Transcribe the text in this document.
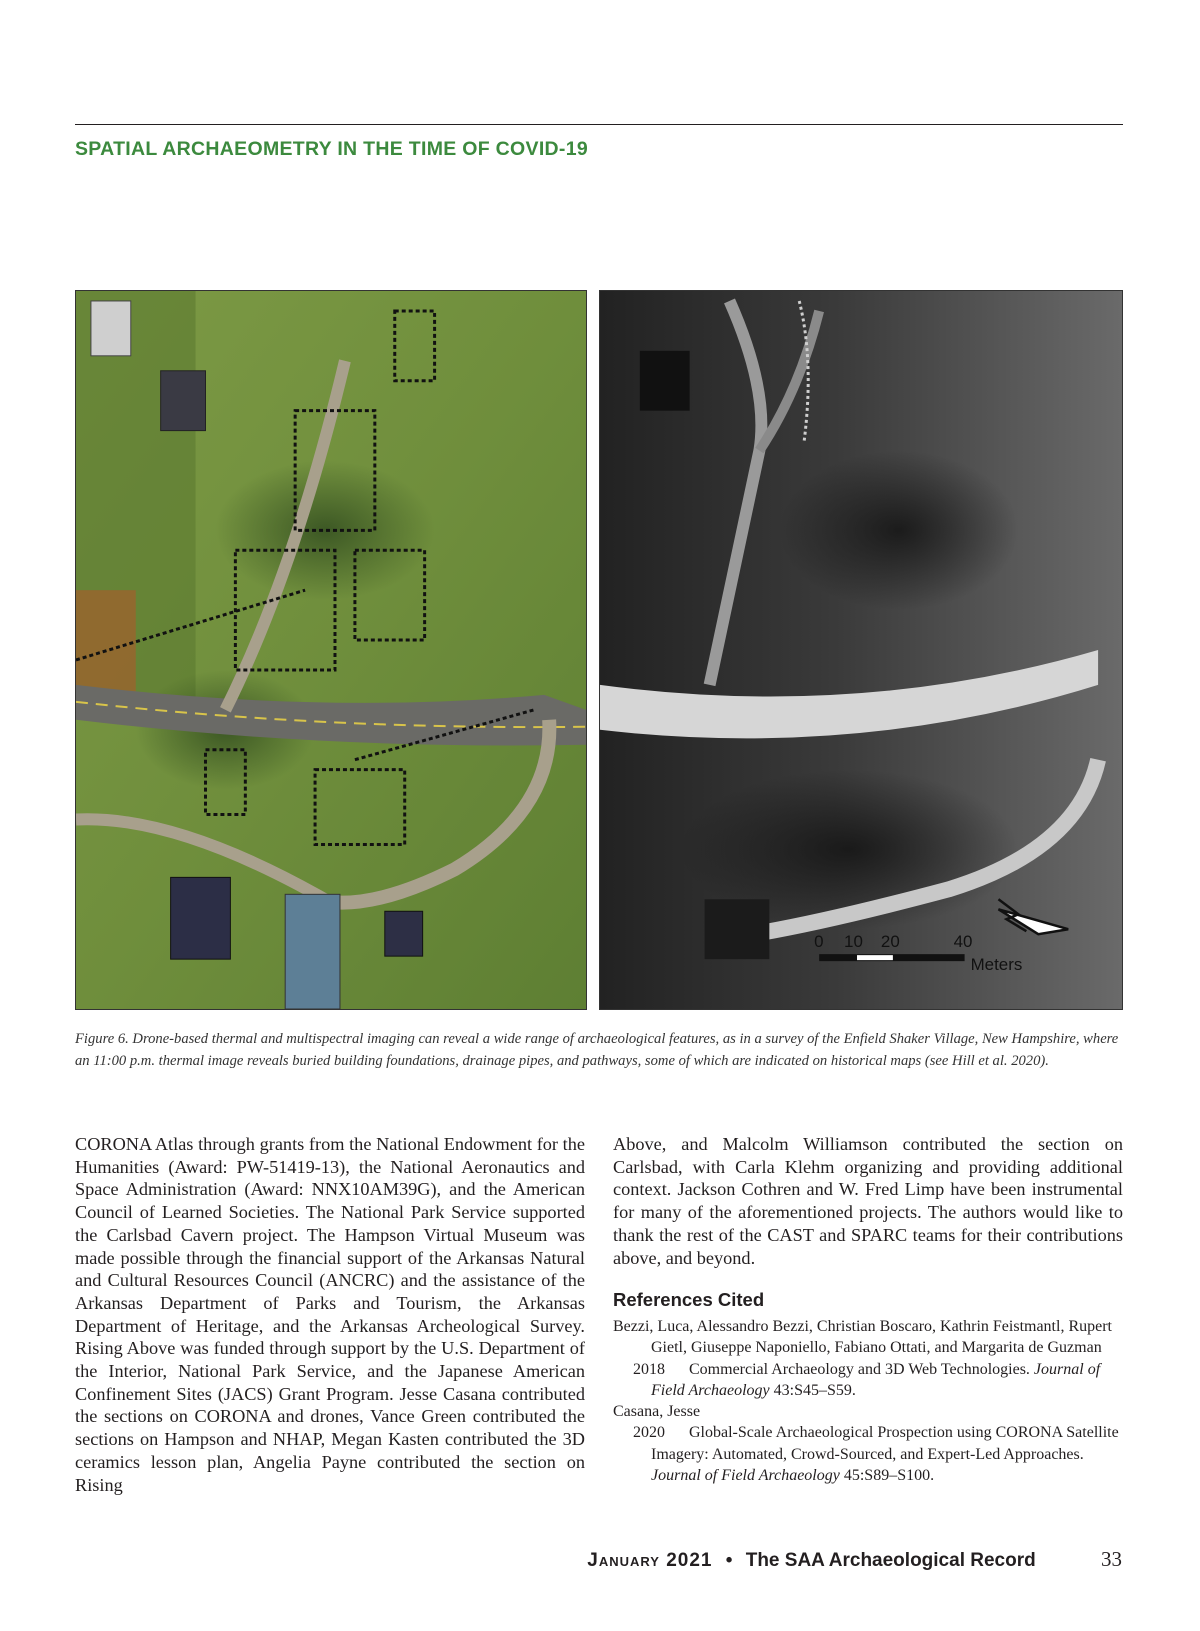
SPATIAL ARCHAEOMETRY IN THE TIME OF COVID-19
0 10 20	40
Meters
Figure 6. Drone-based thermal and multispectral imaging can reveal a wide range of archaeological features, as in a survey of the Enfield Shaker Village, New Hampshire, where an 11:00 p.m. thermal image reveals buried building foundations, drainage pipes, and pathways, some of which are indicated on historical maps (see Hill et al. 2020).

CORONA Atlas through grants from the National Endowment for the Humanities (Award: PW-51419-13), the National Aeronautics and Space Administration (Award: NNX10AM39G), and the American Council of Learned Societies. The National Park Service supported the Carlsbad Cavern project. The Hampson Virtual Museum was made possible through the financial support of the Arkansas Natural and Cultural Resources Council (ANCRC) and the assistance of the Arkansas Department of Parks and Tourism, the Arkansas Department of Heritage, and the Arkansas Archeological Survey. Rising Above was funded through support by the U.S. Department of the Interior, National Park Service, and the Japanese American Confinement Sites (JACS) Grant Program. Jesse Casana contributed the sections on CORONA and drones, Vance Green contributed the sections on Hampson and NHAP, Megan Kasten contributed the 3D ceramics lesson plan, Angelia Payne contributed the section on Rising

Above, and Malcolm Williamson contributed the section on Carlsbad, with Carla Klehm organizing and providing additional context. Jackson Cothren and W. Fred Limp have been instrumental for many of the aforementioned projects. The authors would like to thank the rest of the CAST and SPARC teams for their contributions above, and beyond.

References Cited
Bezzi, Luca, Alessandro Bezzi, Christian Boscaro, Kathrin Feistmantl, Rupert Gietl, Giuseppe Naponiello, Fabiano Ottati, and Margarita de Guzman
2018 Commercial Archaeology and 3D Web Technologies. Journal of Field Archaeology 43:S45–S59.
Casana, Jesse
2020 Global-Scale Archaeological Prospection using CORONA Satellite Imagery: Automated, Crowd-Sourced, and Expert-Led Approaches. Journal of Field Archaeology 45:S89–S100.
January 2021 • The SAA Archaeological Record	33
